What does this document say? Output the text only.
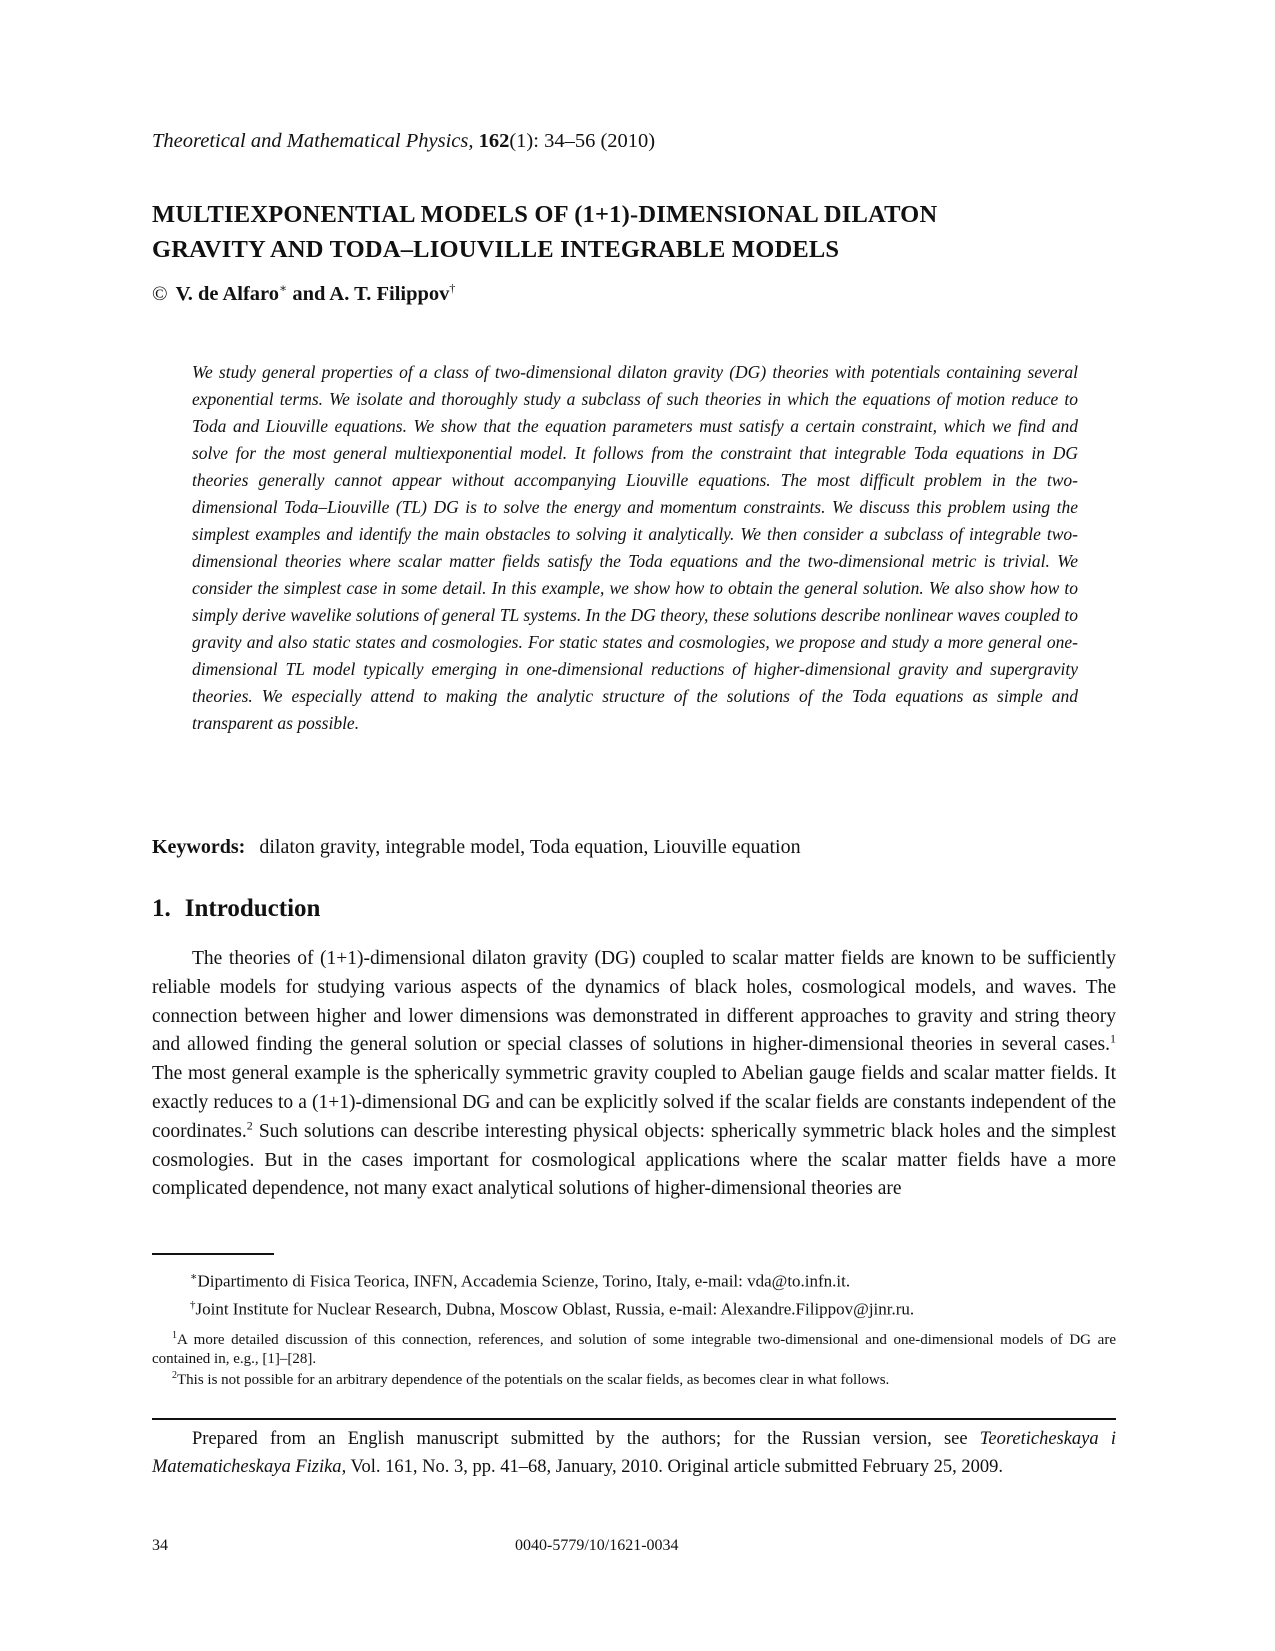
Theoretical and Mathematical Physics, 162(1): 34–56 (2010)
MULTIEXPONENTIAL MODELS OF (1+1)-DIMENSIONAL DILATON
GRAVITY AND TODA–LIOUVILLE INTEGRABLE MODELS
© V. de Alfaro∗ and A. T. Filippov†
We study general properties of a class of two-dimensional dilaton gravity (DG) theories with potentials containing several exponential terms. We isolate and thoroughly study a subclass of such theories in which the equations of motion reduce to Toda and Liouville equations. We show that the equation parameters must satisfy a certain constraint, which we find and solve for the most general multiexponential model. It follows from the constraint that integrable Toda equations in DG theories generally cannot appear without accompanying Liouville equations. The most difficult problem in the two-dimensional Toda–Liouville (TL) DG is to solve the energy and momentum constraints. We discuss this problem using the simplest examples and identify the main obstacles to solving it analytically. We then consider a subclass of integrable two-dimensional theories where scalar matter fields satisfy the Toda equations and the two-dimensional metric is trivial. We consider the simplest case in some detail. In this example, we show how to obtain the general solution. We also show how to simply derive wavelike solutions of general TL systems. In the DG theory, these solutions describe nonlinear waves coupled to gravity and also static states and cosmologies. For static states and cosmologies, we propose and study a more general one-dimensional TL model typically emerging in one-dimensional reductions of higher-dimensional gravity and supergravity theories. We especially attend to making the analytic structure of the solutions of the Toda equations as simple and transparent as possible.
Keywords: dilaton gravity, integrable model, Toda equation, Liouville equation
1. Introduction
The theories of (1+1)-dimensional dilaton gravity (DG) coupled to scalar matter fields are known to be sufficiently reliable models for studying various aspects of the dynamics of black holes, cosmological models, and waves. The connection between higher and lower dimensions was demonstrated in different approaches to gravity and string theory and allowed finding the general solution or special classes of solutions in higher-dimensional theories in several cases.$^1$ The most general example is the spherically symmetric gravity coupled to Abelian gauge fields and scalar matter fields. It exactly reduces to a (1+1)-dimensional DG and can be explicitly solved if the scalar fields are constants independent of the coordinates.$^2$ Such solutions can describe interesting physical objects: spherically symmetric black holes and the simplest cosmologies. But in the cases important for cosmological applications where the scalar matter fields have a more complicated dependence, not many exact analytical solutions of higher-dimensional theories are
∗Dipartimento di Fisica Teorica, INFN, Accademia Scienze, Torino, Italy, e-mail: vda@to.infn.it.
†Joint Institute for Nuclear Research, Dubna, Moscow Oblast, Russia, e-mail: Alexandre.Filippov@jinr.ru.
$^1$A more detailed discussion of this connection, references, and solution of some integrable two-dimensional and one-dimensional models of DG are contained in, e.g., [1]–[28].
$^2$This is not possible for an arbitrary dependence of the potentials on the scalar fields, as becomes clear in what follows.
Prepared from an English manuscript submitted by the authors; for the Russian version, see Teoreticheskaya i Matematicheskaya Fizika, Vol. 161, No. 3, pp. 41–68, January, 2010. Original article submitted February 25, 2009.
34	0040-5779/10/1621-0034
